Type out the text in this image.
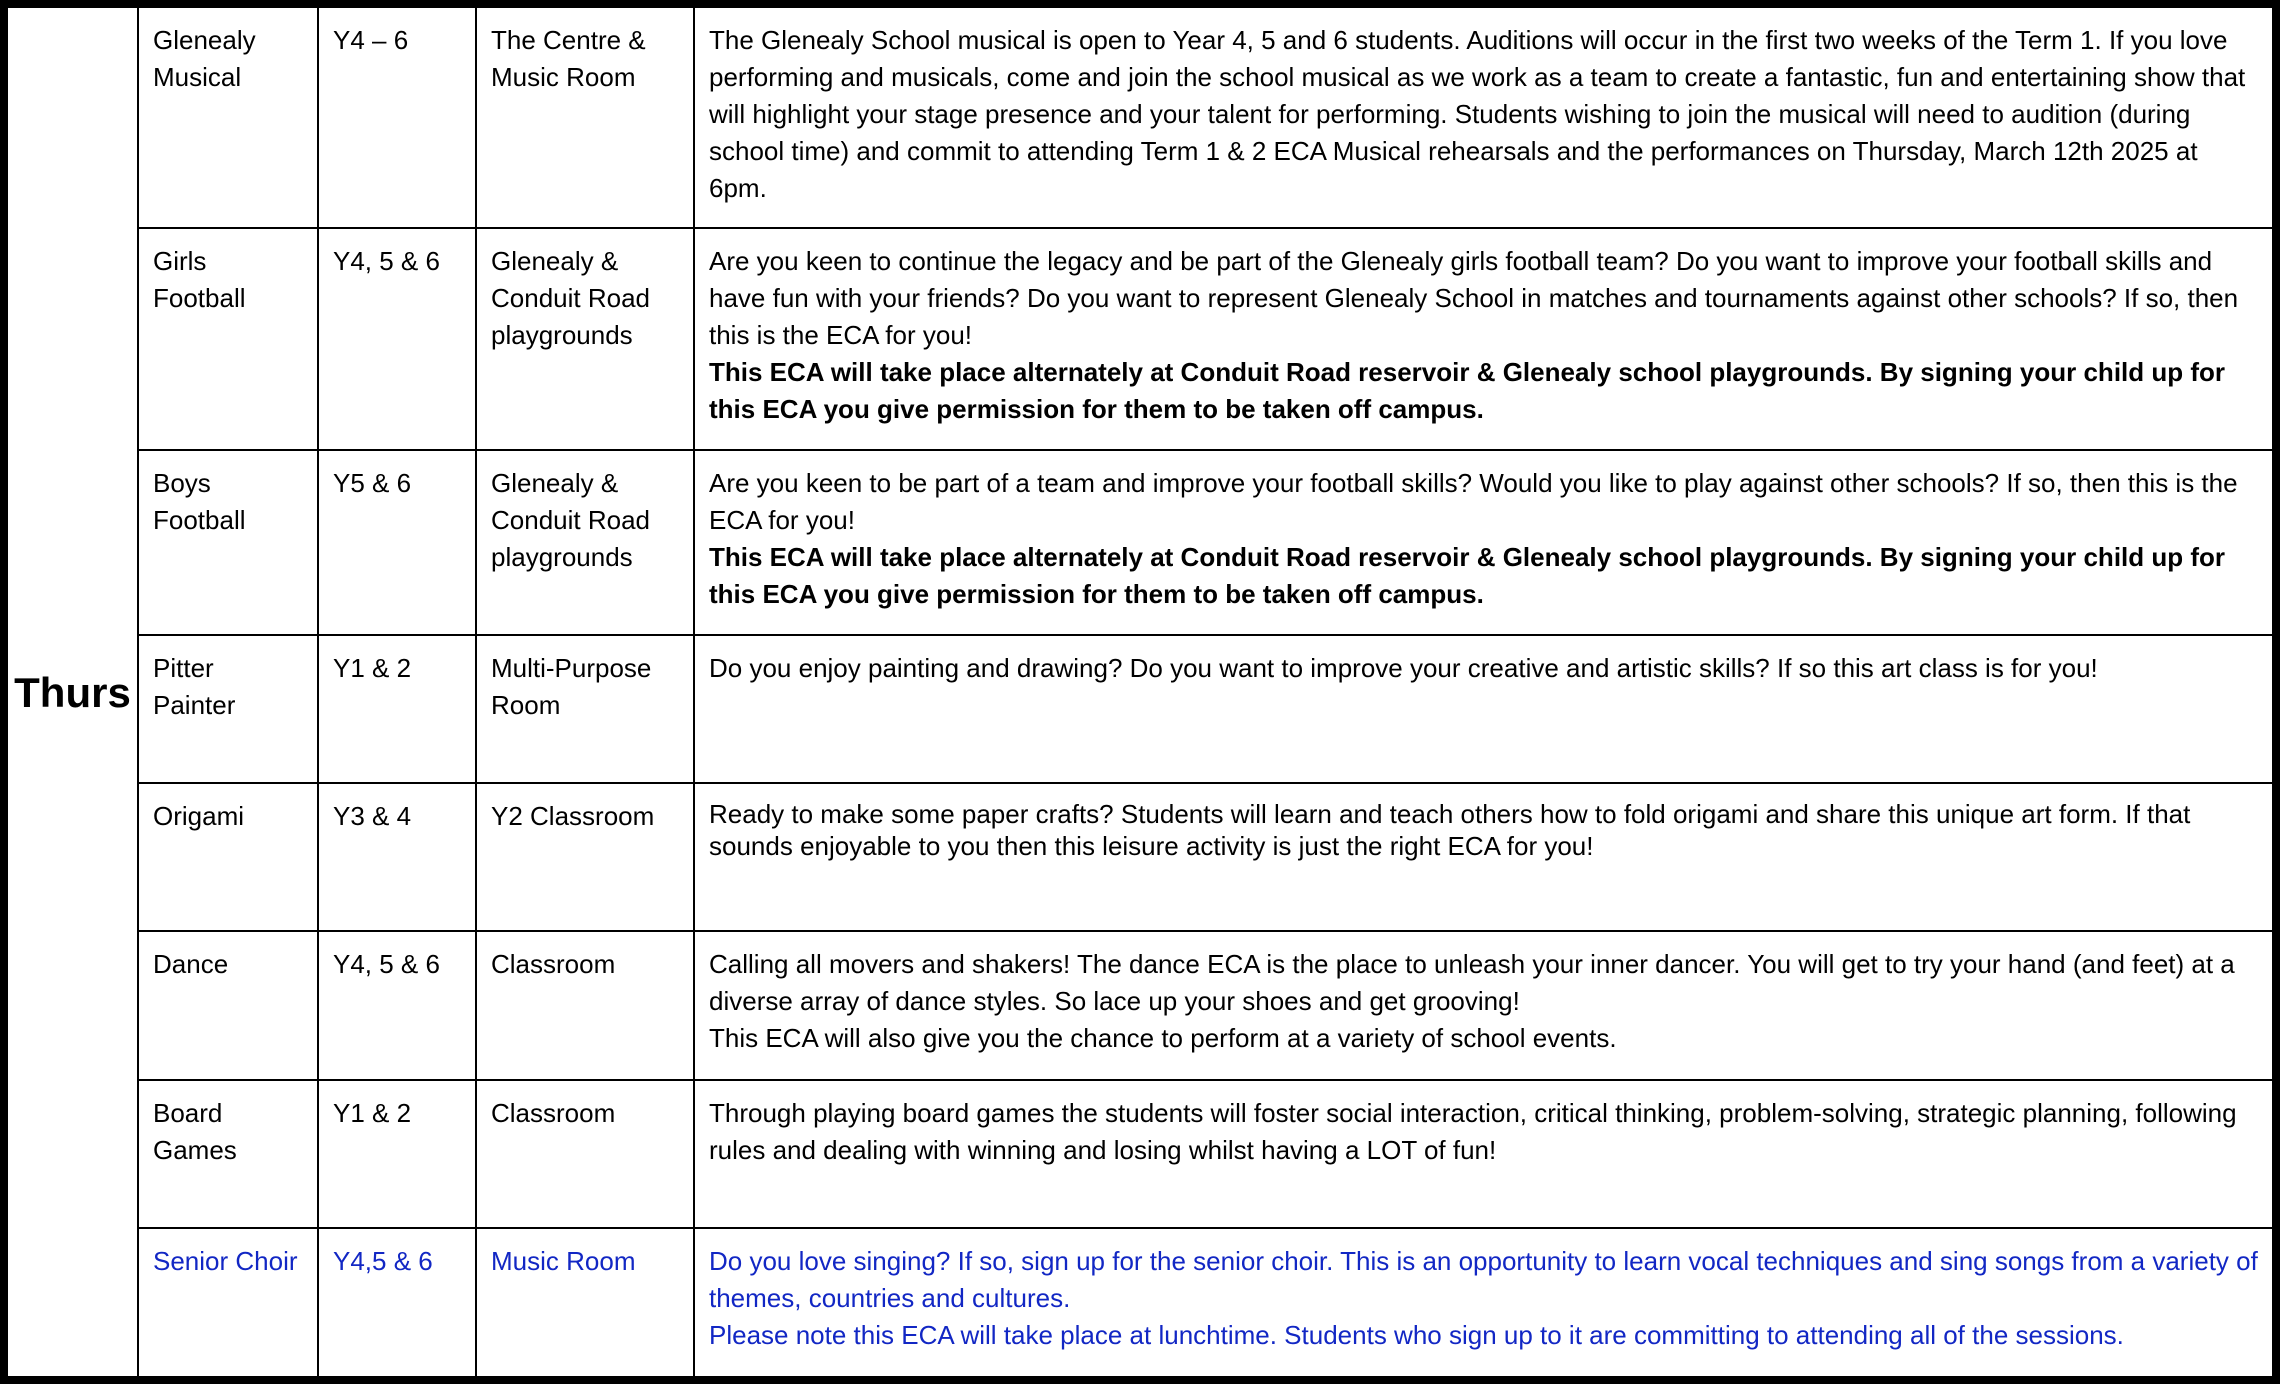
Thurs	Glenealy Musical	Y4 – 6	The Centre & Music Room	The Glenealy School musical is open to Year 4, 5 and 6 students. Auditions will occur in the first two weeks of the Term 1. If you love performing and musicals, come and join the school musical as we work as a team to create a fantastic, fun and entertaining show that will highlight your stage presence and your talent for performing. Students wishing to join the musical will need to audition (during school time) and commit to attending Term 1 & 2 ECA Musical rehearsals and the performances on Thursday, March 12th 2025 at 6pm.

	Girls Football	Y4, 5 & 6	Glenealy & Conduit Road playgrounds	Are you keen to continue the legacy and be part of the Glenealy girls football team? Do you want to improve your football skills and have fun with your friends? Do you want to represent Glenealy School in matches and tournaments against other schools? If so, then this is the ECA for you!

This ECA will take place alternately at Conduit Road reservoir & Glenealy school playgrounds. By signing your child up for this ECA you give permission for them to be taken off campus.

	Boys Football	Y5 & 6	Glenealy & Conduit Road playgrounds	Are you keen to be part of a team and improve your football skills? Would you like to play against other schools? If so, then this is the ECA for you!

This ECA will take place alternately at Conduit Road reservoir & Glenealy school playgrounds. By signing your child up for this ECA you give permission for them to be taken off campus.

	Pitter Painter	Y1 & 2	Multi-Purpose Room	Do you enjoy painting and drawing? Do you want to improve your creative and artistic skills? If so this art class is for you!

	Origami	Y3 & 4	Y2 Classroom	Ready to make some paper crafts? Students will learn and teach others how to fold origami and share this unique art form. If that sounds enjoyable to you then this leisure activity is just the right ECA for you!

	Dance	Y4, 5 & 6	Classroom	Calling all movers and shakers! The dance ECA is the place to unleash your inner dancer. You will get to try your hand (and feet) at a diverse array of dance styles. So lace up your shoes and get grooving!

This ECA will also give you the chance to perform at a variety of school events.

	Board Games	Y1 & 2	Classroom	Through playing board games the students will foster social interaction, critical thinking, problem-solving, strategic planning, following rules and dealing with winning and losing whilst having a LOT of fun!

	Senior Choir	Y4,5 & 6	Music Room	Do you love singing? If so, sign up for the senior choir. This is an opportunity to learn vocal techniques and sing songs from a variety of themes, countries and cultures.

Please note this ECA will take place at lunchtime. Students who sign up to it are committing to attending all of the sessions.
